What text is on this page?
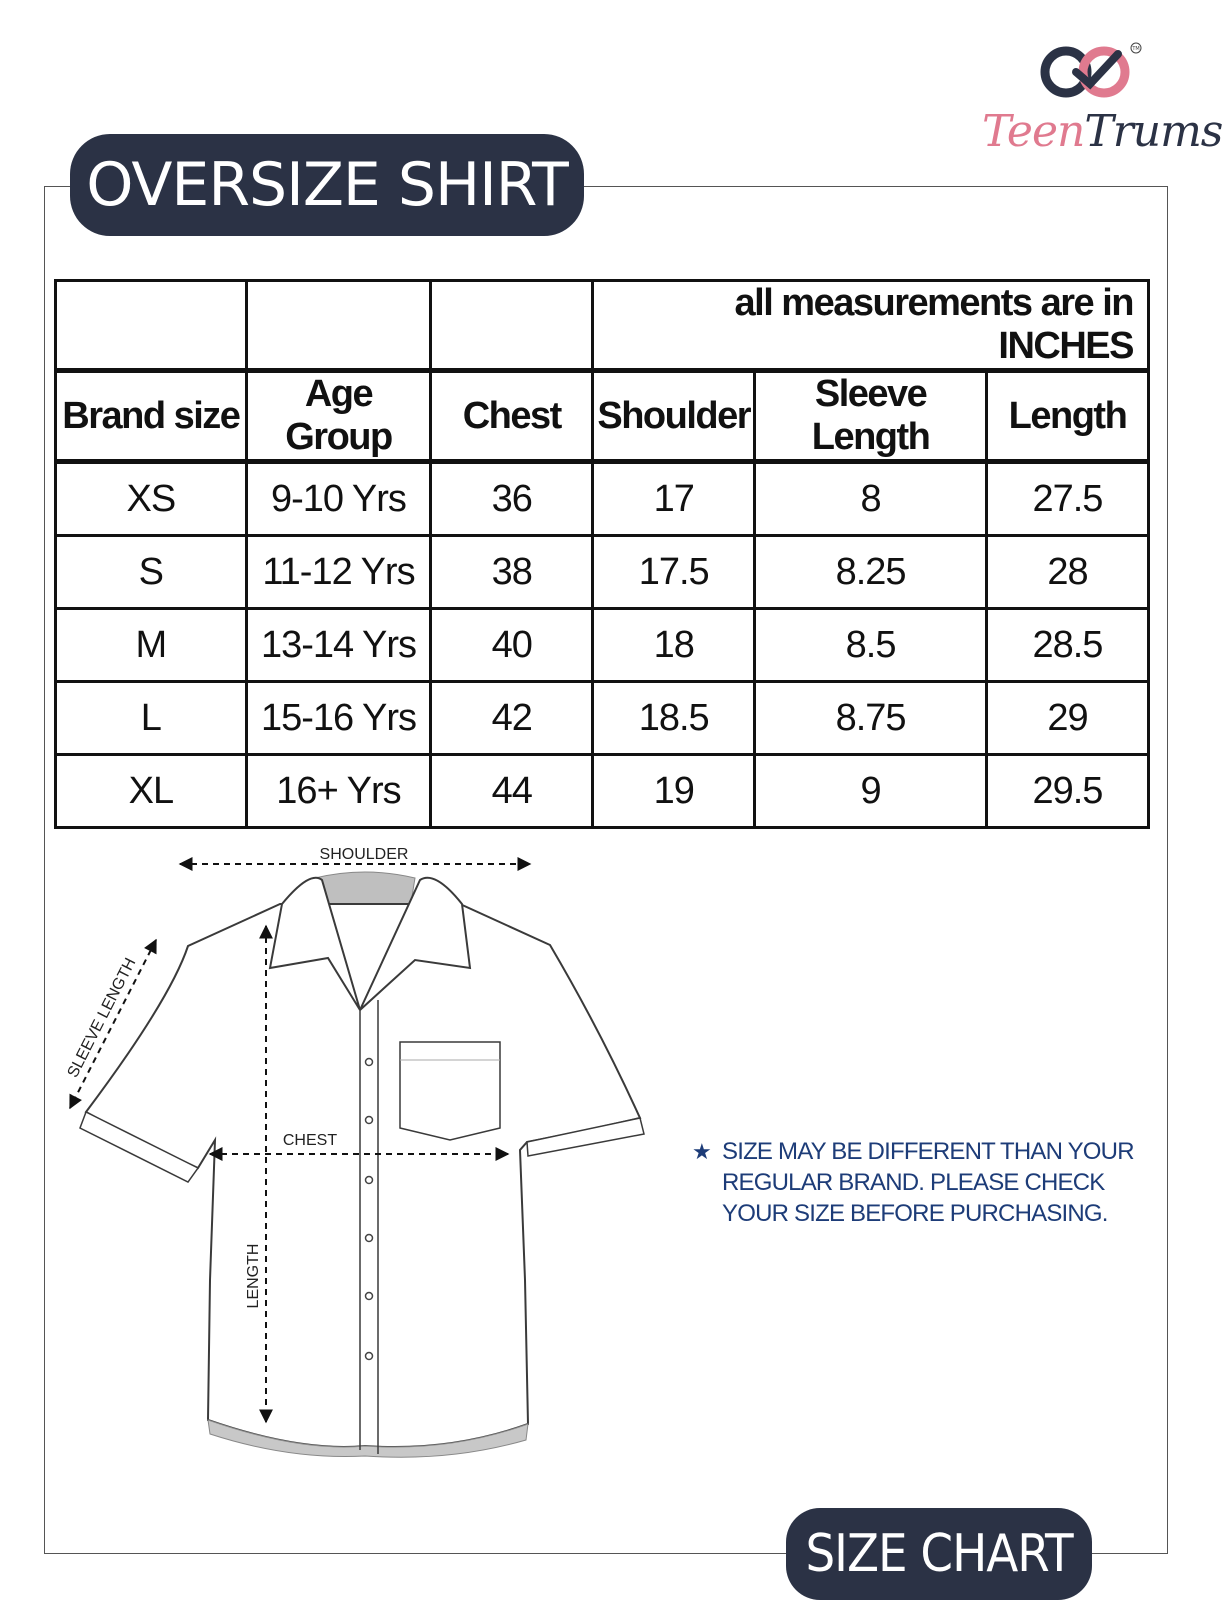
OVERSIZE SHIRT
TM
TeenTrums
			all measurements are in INCHES		
Brand size	Age Group	Chest	Shoulder	Sleeve Length	Length
XS	9-10 Yrs	36	17	8	27.5
S	11-12 Yrs	38	17.5	8.25	28
M	13-14 Yrs	40	18	8.5	28.5
L	15-16 Yrs	42	18.5	8.75	29
XL	16+ Yrs	44	19	9	29.5
SHOULDER
SLEEVE LENGTH
CHEST
LENGTH
★ SIZE MAY BE DIFFERENT THAN YOUR
REGULAR BRAND. PLEASE CHECK
YOUR SIZE BEFORE PURCHASING.
SIZE CHART
